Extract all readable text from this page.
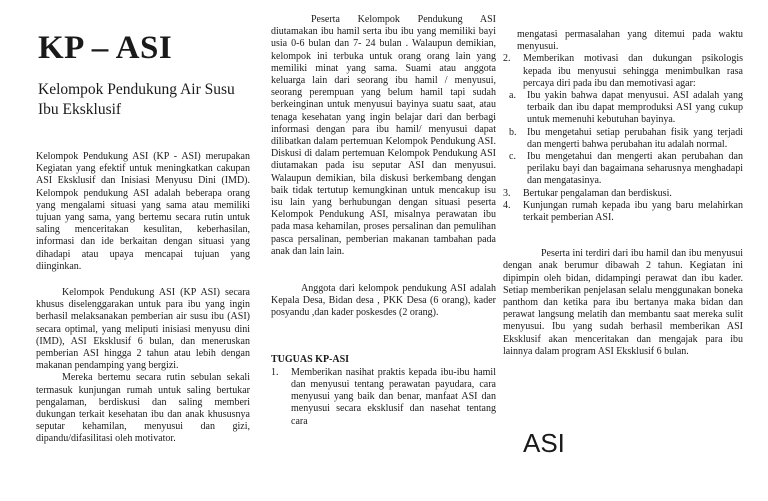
KP – ASI
Kelompok Pendukung Air Susu Ibu Eksklusif

Kelompok Pendukung ASI (KP - ASI) merupakan Kegiatan yang efektif untuk meningkatkan cakupan ASI Eksklusif dan Inisiasi Menyusu Dini (IMD). Kelompok pendukung ASI adalah beberapa orang yang mengalami situasi yang sama atau memiliki tujuan yang sama, yang bertemu secara rutin untuk saling menceritakan kesulitan, keberhasilan, informasi dan ide berkaitan dengan situasi yang dihadapi atau upaya mencapai tujuan yang diinginkan.

Kelompok Pendukung ASI (KP ASI) secara khusus diselenggarakan untuk para ibu yang ingin berhasil melaksanakan pemberian air susu ibu (ASI) secara optimal, yang meliputi inisiasi menyusu dini (IMD), ASI Eksklusif 6 bulan, dan meneruskan pemberian ASI hingga 2 tahun atau lebih dengan makanan pendamping yang bergizi.

Mereka bertemu secara rutin sebulan sekali termasuk kunjungan rumah untuk saling bertukar pengalaman, berdiskusi dan saling memberi dukungan terkait kesehatan ibu dan anak khususnya seputar kehamilan, menyusui dan gizi, dipandu/difasilitasi oleh motivator.

Peserta Kelompok Pendukung ASI diutamakan ibu hamil serta ibu ibu yang memiliki bayi usia 0-6 bulan dan 7- 24 bulan . Walaupun demikian, kelompok ini terbuka untuk orang orang lain yang memiliki minat yang sama. Suami atau anggota keluarga lain dari seorang ibu hamil / menyusui, seorang perempuan yang belum hamil tapi sudah berkeinginan untuk menyusui bayinya suatu saat, atau tenaga kesehatan yang ingin belajar dari dan berbagi informasi dengan para ibu hamil/ menyusui dapat dilibatkan dalam pertemuan Kelompok Pendukung ASI. Diskusi di dalam pertemuan Kelompok Pendukung ASI diutamakan pada isu seputar ASI dan menyusui. Walaupun demikian, bila diskusi berkembang dengan baik tidak tertutup kemungkinan untuk mencakup isu isu lain yang berhubungan dengan situasi peserta Kelompok Pendukung ASI, misalnya perawatan ibu pada masa kehamilan, proses persalinan dan pemulihan pasca persalinan, pemberian makanan tambahan pada anak dan lain lain.

Anggota dari kelompok pendukung ASI adalah Kepala Desa, Bidan desa , PKK Desa (6 orang), kader posyandu ,dan kader poskesdes (2 orang).

TUGUAS KP-ASI

1. Memberikan nasihat praktis kepada ibu-ibu hamil dan menyusui tentang perawatan payudara, cara menyusui yang baik dan benar, manfaat ASI dan menyusui secara eksklusif dan nasehat tentang cara

mengatasi permasalahan yang ditemui pada waktu menyusui.

2. Memberikan motivasi dan dukungan psikologis kepada ibu menyusui sehingga menimbulkan rasa percaya diri pada ibu dan memotivasi agar:
a. Ibu yakin bahwa dapat menyusui. ASI adalah yang terbaik dan ibu dapat memproduksi ASI yang cukup untuk memenuhi kebutuhan bayinya.
b. Ibu mengetahui setiap perubahan fisik yang terjadi dan mengerti bahwa perubahan itu adalah normal.
c. Ibu mengetahui dan mengerti akan perubahan dan perilaku bayi dan bagaimana seharusnya menghadapi dan mengatasinya.
3. Bertukar pengalaman dan berdiskusi.
4. Kunjungan rumah kepada ibu yang baru melahirkan terkait pemberian ASI.

Peserta ini terdiri dari ibu hamil dan ibu menyusui dengan anak berumur dibawah 2 tahun. Kegiatan ini dipimpin oleh bidan, didampingi perawat dan ibu kader. Setiap memberikan penjelasan selalu menggunakan boneka panthom dan ketika para ibu bertanya maka bidan dan perawat langsung melatih dan membantu saat mereka sulit menyusui. Ibu yang sudah berhasil memberikan ASI Eksklusif akan menceritakan dan mengajak para ibu lainnya dalam program ASI Eksklusif 6 bulan.

ASI
